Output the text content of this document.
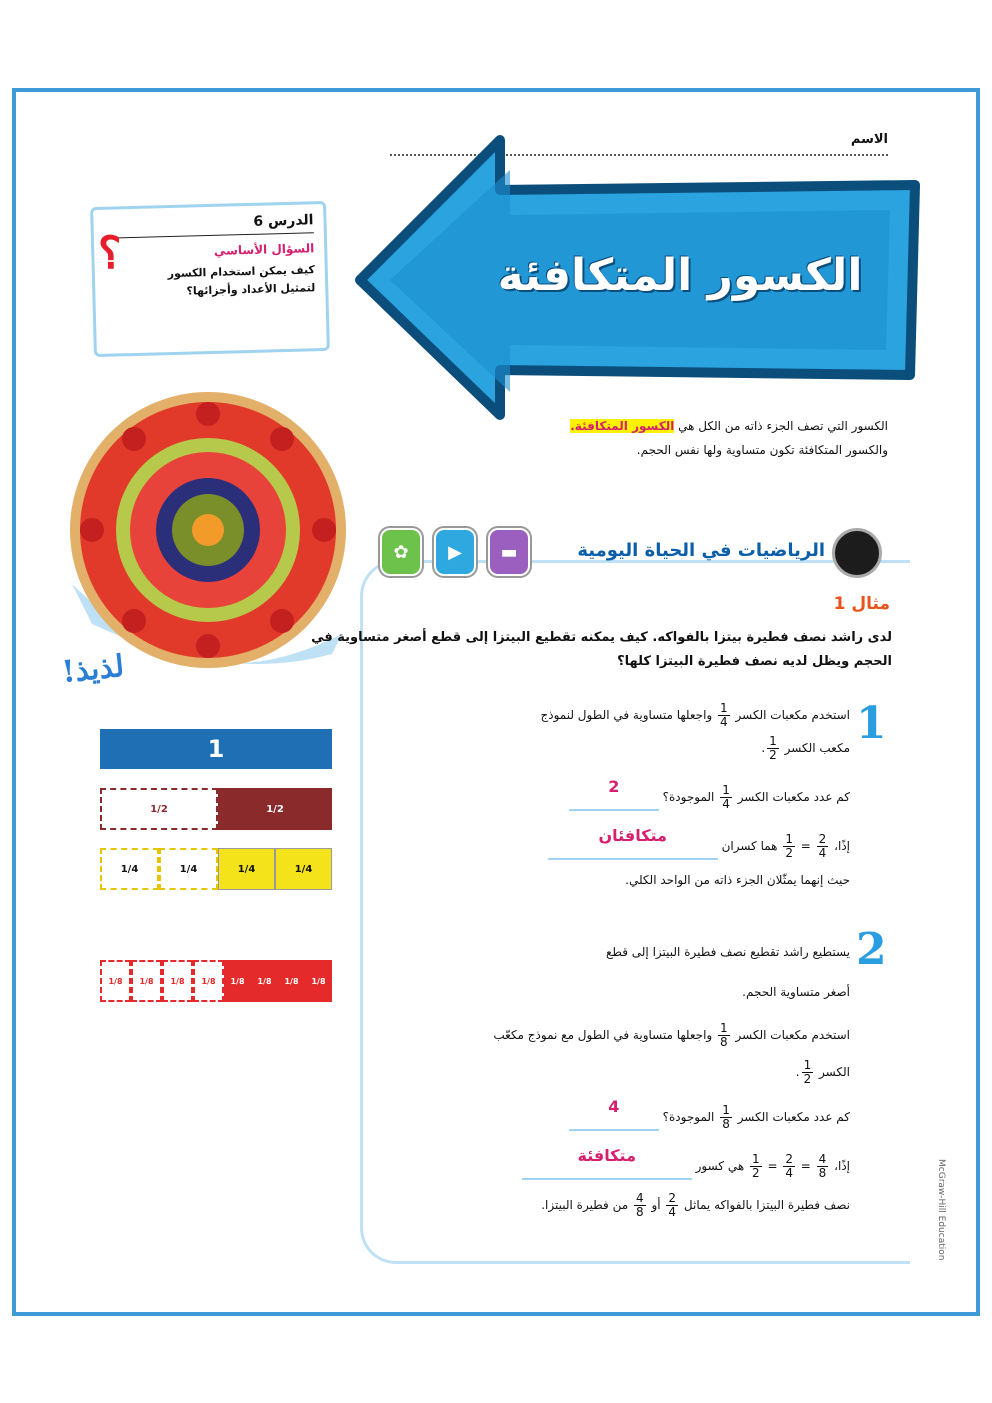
الاسم
الكسور المتكافئة
الدرس 6
السؤال الأساسي
كيف يمكن استخدام الكسور لتمثيل الأعداد وأجزائها؟
؟
الكسور التي تصف الجزء ذاته من الكل هي الكسور المتكافئة.
والكسور المتكافئة تكون متساوية ولها نفس الحجم.
لذيذ!
الرياضيات في الحياة اليومية
▬
▶
✿
مثال 1
لدى راشد نصف فطيرة بيتزا بالفواكه. كيف يمكنه تقطيع البيتزا إلى قطع أصغر متساوية في الحجم ويظل لديه نصف فطيرة البيتزا كلها؟
1
استخدم مكعبات الكسر
$\frac{1}{4}$
واجعلها متساوية في الطول لنموذج
مكعب الكسر
$\frac{1}{2}$
.
كم عدد مكعبات الكسر
$\frac{1}{4}$
الموجودة؟
2
إذًا،
$\frac{2}{4}$
=
$\frac{1}{2}$
هما كسران
متكافئان
حيث إنهما يمثّلان الجزء ذاته من الواحد الكلي.
1
1/2
1/2
1/4
1/4
1/4
1/4
1/8
1/8
1/8
1/8
1/8
1/8
1/8
1/8
2
يستطيع راشد تقطيع نصف فطيرة البيتزا إلى قطع
أصغر متساوية الحجم.
استخدم مكعبات الكسر
$\frac{1}{8}$
واجعلها متساوية في الطول مع نموذج مكعّب
الكسر
$\frac{1}{2}$
.
كم عدد مكعبات الكسر
$\frac{1}{8}$
الموجودة؟
4
إذًا،
$\frac{4}{8}$
=
$\frac{2}{4}$
=
$\frac{1}{2}$
هي كسور
متكافئة
نصف فطيرة البيتزا بالفواكه يماثل
$\frac{2}{4}$
أو
$\frac{4}{8}$
من فطيرة البيتزا.	McGraw-Hill Education
